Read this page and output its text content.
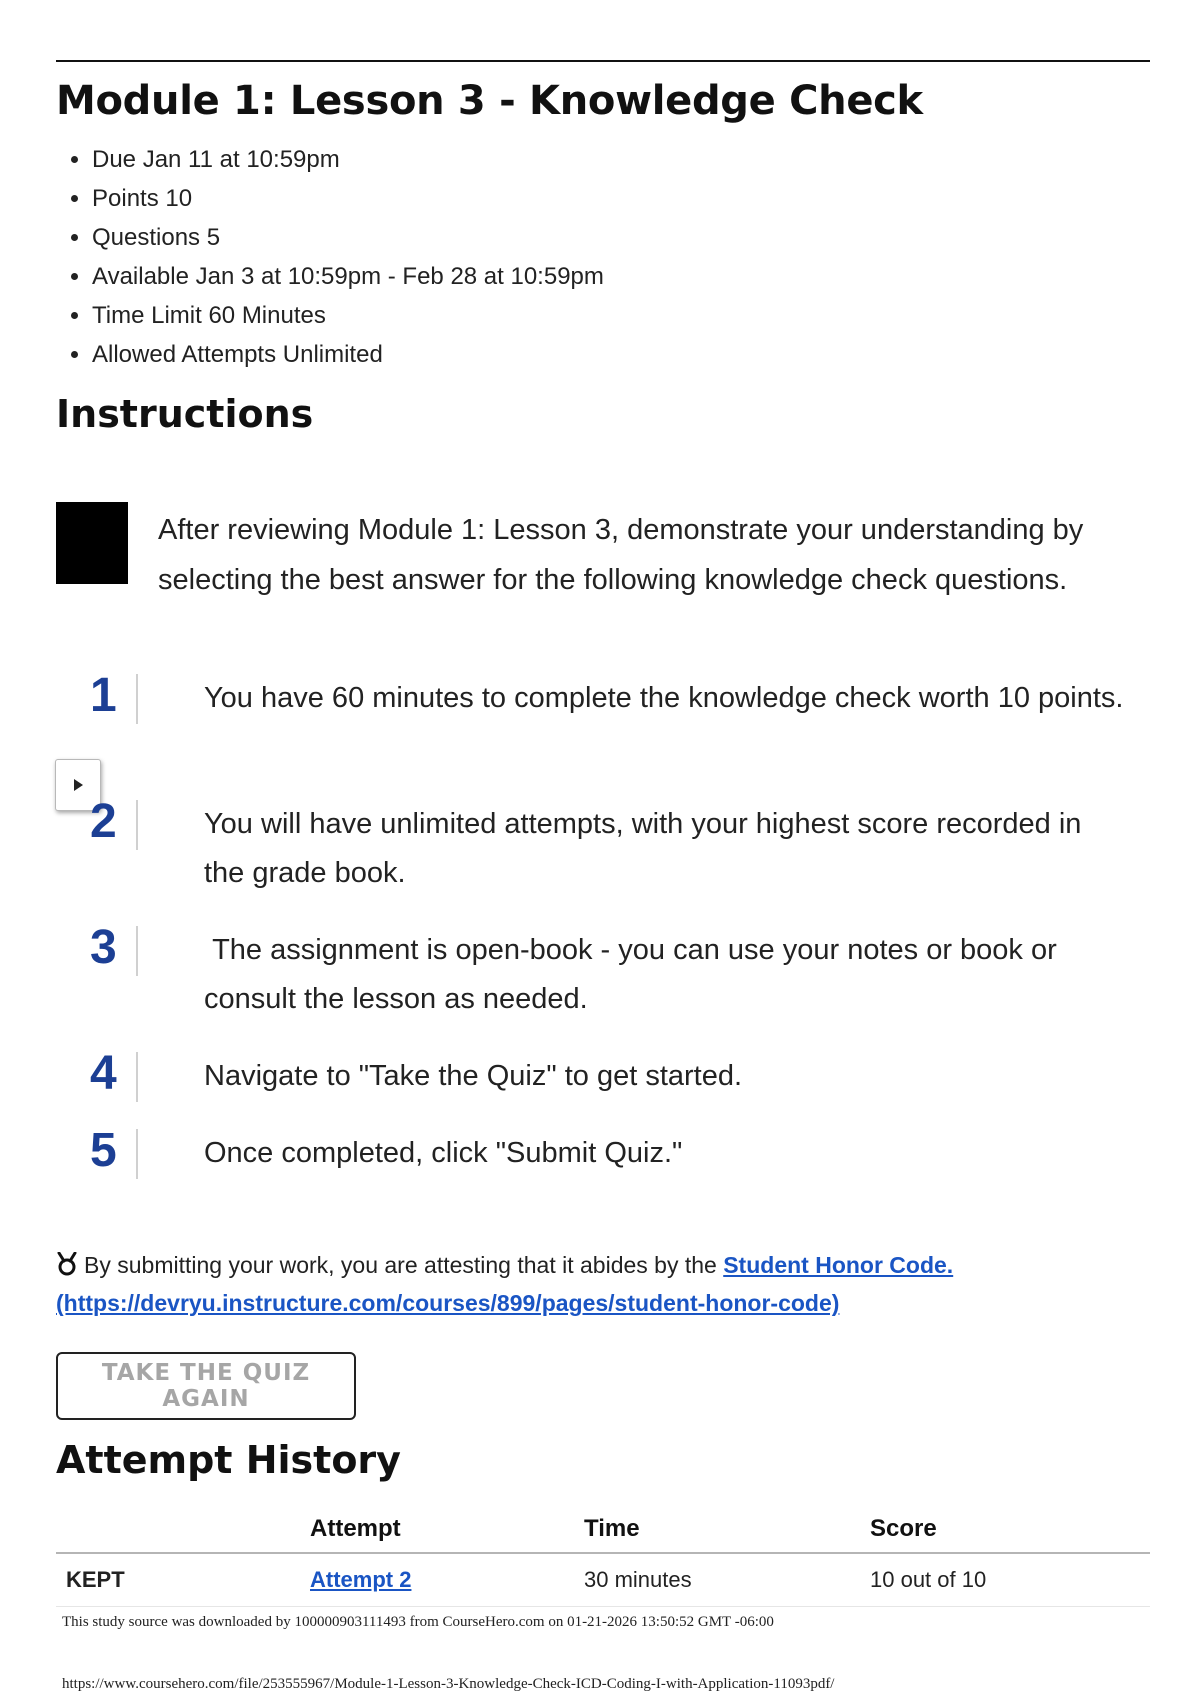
Module 1: Lesson 3 - Knowledge Check
• Due Jan 11 at 10:59pm
• Points 10
• Questions 5
• Available Jan 3 at 10:59pm - Feb 28 at 10:59pm
• Time Limit 60 Minutes
• Allowed Attempts Unlimited
Instructions

After reviewing Module 1: Lesson 3, demonstrate your understanding by selecting the best answer for the following knowledge check questions.

1	You have 60 minutes to complete the knowledge check worth 10 points.

2	You will have unlimited attempts, with your highest score recorded in the grade book.

3	The assignment is open-book - you can use your notes or book or consult the lesson as needed.

4	Navigate to "Take the Quiz" to get started.

5	Once completed, click "Submit Quiz."

By submitting your work, you are attesting that it abides by the Student Honor Code.
(https://devryu.instructure.com/courses/899/pages/student-honor-code)

TAKE THE QUIZ AGAIN
Attempt History
	Attempt	Time	Score
KEPT	Attempt 2	30 minutes	10 out of 10

This study source was downloaded by 100000903111493 from CourseHero.com on 01-21-2026 13:50:52 GMT -06:00

https://www.coursehero.com/file/253555967/Module-1-Lesson-3-Knowledge-Check-ICD-Coding-I-with-Application-11093pdf/
